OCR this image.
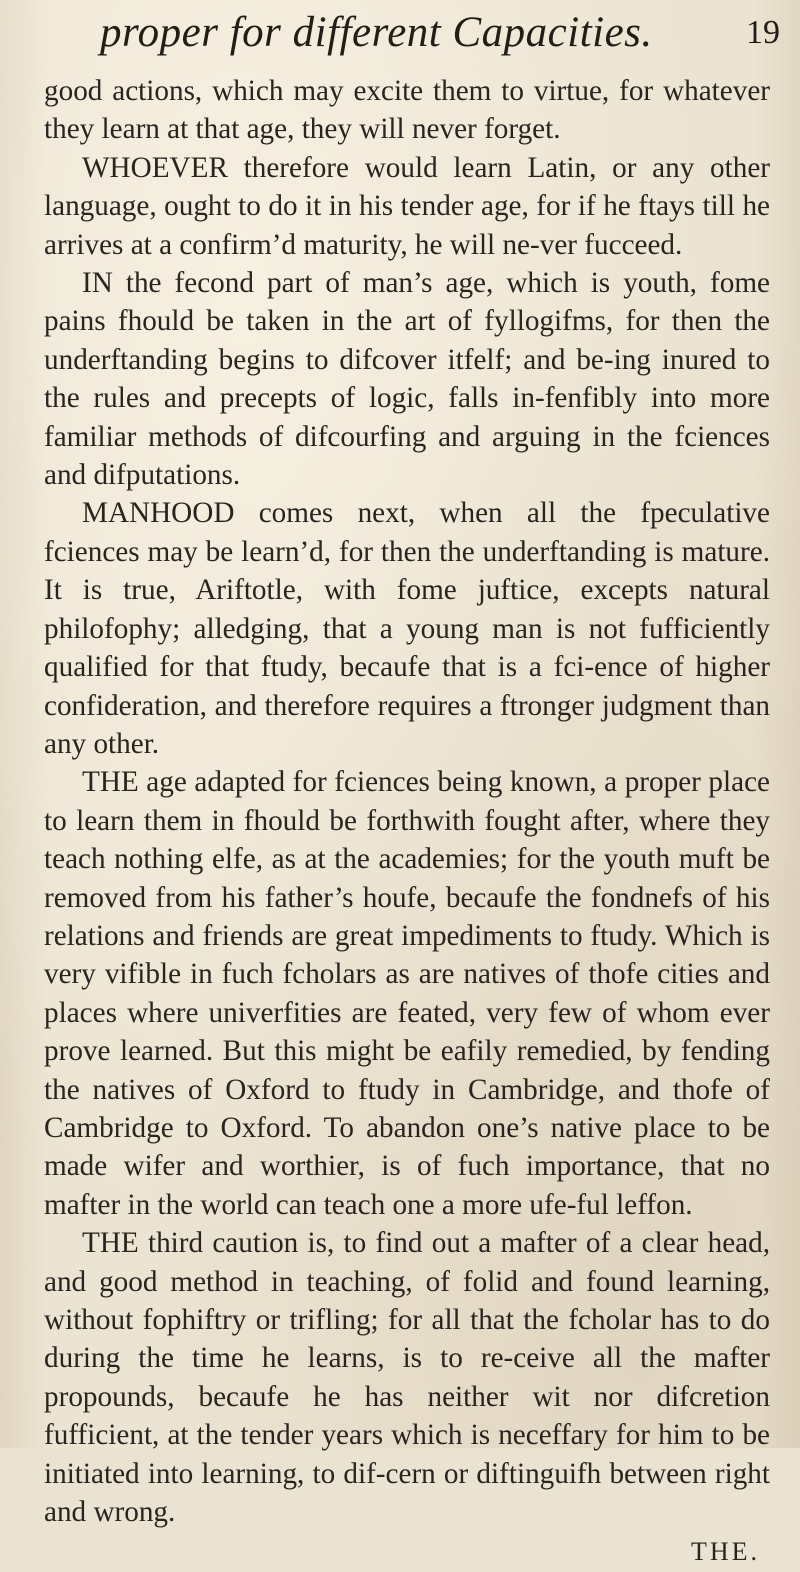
proper for different Capacities.	19

good actions, which may excite them to virtue, for whatever they learn at that age, they will never forget.

WHOEVER therefore would learn Latin, or any other language, ought to do it in his tender age, for if he ftays till he arrives at a confirm’d maturity, he will ne-ver fucceed.

IN the fecond part of man’s age, which is youth, fome pains fhould be taken in the art of fyllogifms, for then the underftanding begins to difcover itfelf; and be-ing inured to the rules and precepts of logic, falls in-fenfibly into more familiar methods of difcourfing and arguing in the fciences and difputations.

MANHOOD comes next, when all the fpeculative fciences may be learn’d, for then the underftanding is mature. It is true, Ariftotle, with fome juftice, excepts natural philofophy; alledging, that a young man is not fufficiently qualified for that ftudy, becaufe that is a fci-ence of higher confideration, and therefore requires a ftronger judgment than any other.

THE age adapted for fciences being known, a proper place to learn them in fhould be forthwith fought after, where they teach nothing elfe, as at the academies; for the youth muft be removed from his father’s houfe, becaufe the fondnefs of his relations and friends are great impediments to ftudy. Which is very vifible in fuch fcholars as are natives of thofe cities and places where univerfities are feated, very few of whom ever prove learned. But this might be eafily remedied, by fending the natives of Oxford to ftudy in Cambridge, and thofe of Cambridge to Oxford. To abandon one’s native place to be made wifer and worthier, is of fuch importance, that no mafter in the world can teach one a more ufe-ful leffon.

THE third caution is, to find out a mafter of a clear head, and good method in teaching, of folid and found learning, without fophiftry or trifling; for all that the fcholar has to do during the time he learns, is to re-ceive all the mafter propounds, becaufe he has neither wit nor difcretion fufficient, at the tender years which is neceffary for him to be initiated into learning, to dif-cern or diftinguifh between right and wrong.

THE.
